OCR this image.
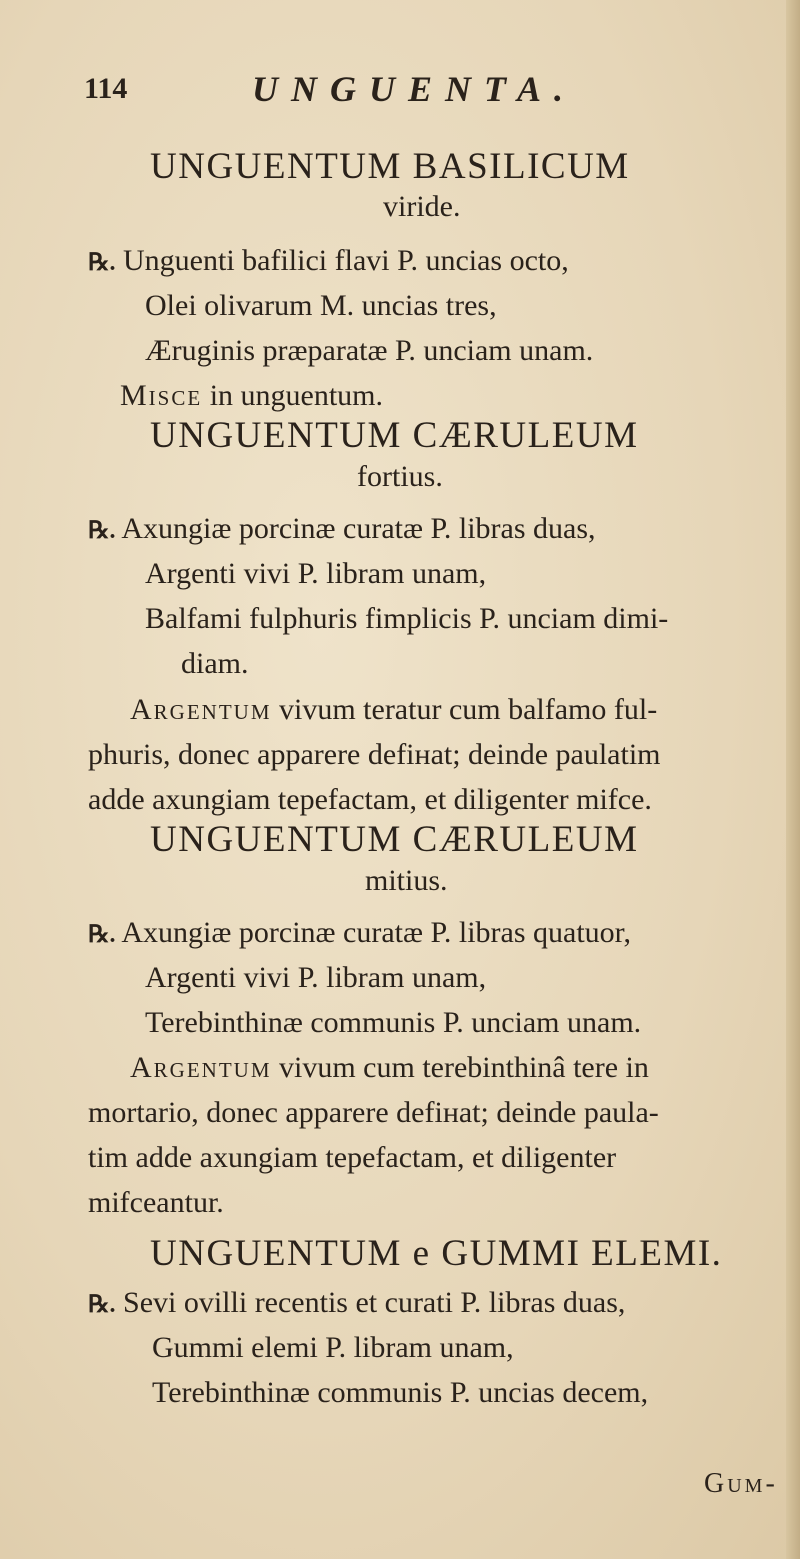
114	UNGUENTA.
UNGUENTUM BASILICUM
viride.
℞. Unguenti bafilici flavi P. uncias octo,
Olei olivarum M. uncias tres,
Æruginis præparatæ P. unciam unam.
Misce in unguentum.
UNGUENTUM CÆRULEUM
fortius.
℞. Axungiæ porcinæ curatæ P. libras duas,
Argenti vivi P. libram unam,
Balfami fulphuris fimplicis P. unciam dimi-
diam.
Argentum vivum teratur cum balfamo ful-
phuris, donec apparere defінat; deinde paulatim
adde axungiam tepefactam, et diligenter mifce.
UNGUENTUM CÆRULEUM
mitius.
℞. Axungiæ porcinæ curatæ P. libras quatuor,
Argenti vivi P. libram unam,
Terebinthinæ communis P. unciam unam.
Argentum vivum cum terebinthinâ tere in
mortario, donec apparere defінat; deinde paula-
tim adde axungiam tepefactam, et diligenter
mifceantur.
UNGUENTUM e GUMMI ELEMI.
℞. Sevi ovilli recentis et curati P. libras duas,
Gummi elemi P. libram unam,
Terebinthinæ communis P. uncias decem,
Gum-
